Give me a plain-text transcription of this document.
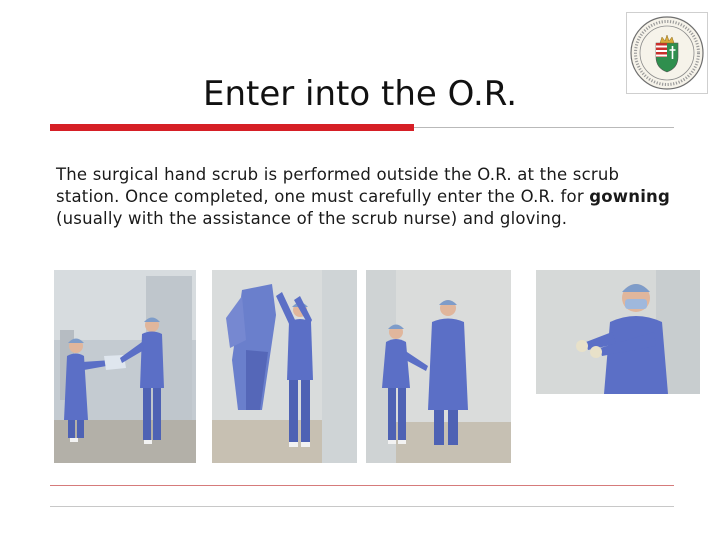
Enter into the O.R.
The surgical hand scrub is performed outside the O.R. at the scrub station. Once completed, one must carefully enter the O.R. for gowning (usually with the assistance of the scrub nurse) and gloving.
